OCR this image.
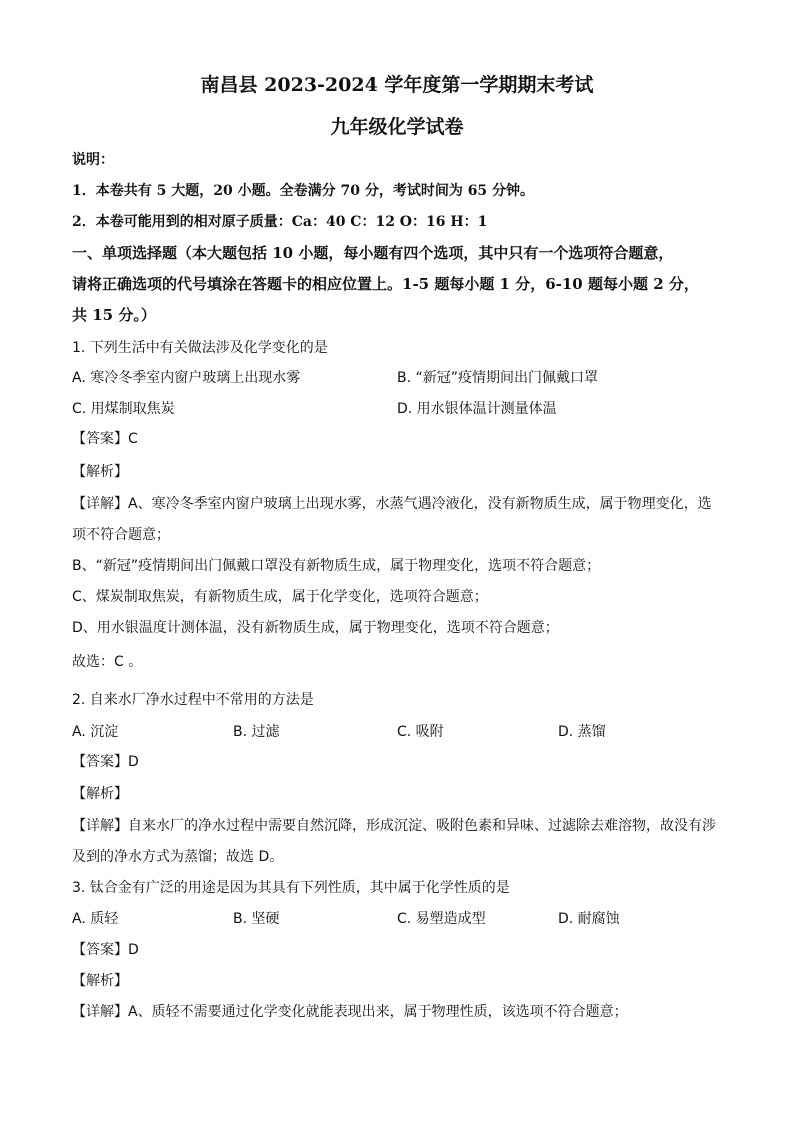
南昌县 2023-2024 学年度第一学期期末考试
九年级化学试卷
说明：
1．本卷共有 5 大题，20 小题。全卷满分 70 分，考试时间为 65 分钟。
2．本卷可能用到的相对原子质量：Ca：40 C：12 O：16 H：1
一、单项选择题（本大题包括 10 小题，每小题有四个选项，其中只有一个选项符合题意，
请将正确选项的代号填涂在答题卡的相应位置上。1-5 题每小题 1 分，6-10 题每小题 2 分，
共 15 分。）
1. 下列生活中有关做法涉及化学变化的是
A. 寒冷冬季室内窗户玻璃上出现水雾	B. “新冠”疫情期间出门佩戴口罩
C. 用煤制取焦炭	D. 用水银体温计测量体温
【答案】C
【解析】
【详解】A、寒冷冬季室内窗户玻璃上出现水雾，水蒸气遇冷液化，没有新物质生成，属于物理变化，选
项不符合题意；
B、“新冠”疫情期间出门佩戴口罩没有新物质生成，属于物理变化，选项不符合题意；
C、煤炭制取焦炭，有新物质生成，属于化学变化，选项符合题意；
D、用水银温度计测体温，没有新物质生成，属于物理变化，选项不符合题意；
故选：C 。
2. 自来水厂净水过程中不常用的方法是
A. 沉淀	B. 过滤	C. 吸附	D. 蒸馏
【答案】D
【解析】
【详解】自来水厂的净水过程中需要自然沉降，形成沉淀、吸附色素和异味、过滤除去难溶物，故没有涉
及到的净水方式为蒸馏；故选 D。
3. 钛合金有广泛的用途是因为其具有下列性质，其中属于化学性质的是
A. 质轻	B. 坚硬	C. 易塑造成型	D. 耐腐蚀
【答案】D
【解析】
【详解】A、质轻不需要通过化学变化就能表现出来，属于物理性质，该选项不符合题意；
